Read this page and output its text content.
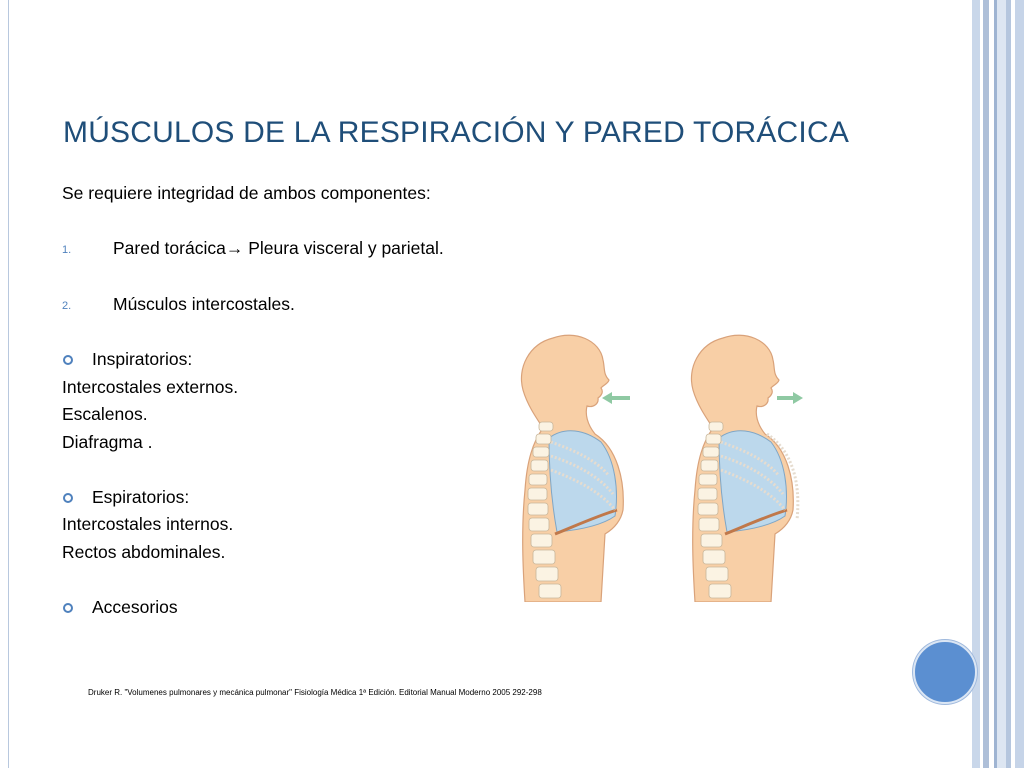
MÚSCULOS DE LA RESPIRACIÓN Y PARED TORÁCICA
Se requiere integridad de ambos componentes:
1. Pared torácica→ Pleura visceral y parietal.
2. Músculos intercostales.
Inspiratorios:
Intercostales externos.
Escalenos.
Diafragma .
Espiratorios:
Intercostales internos.
Rectos abdominales.
Accesorios
Druker R. "Volumenes pulmonares y mecánica pulmonar" Fisiología Médica 1ª Edición. Editorial Manual Moderno 2005 292-298
